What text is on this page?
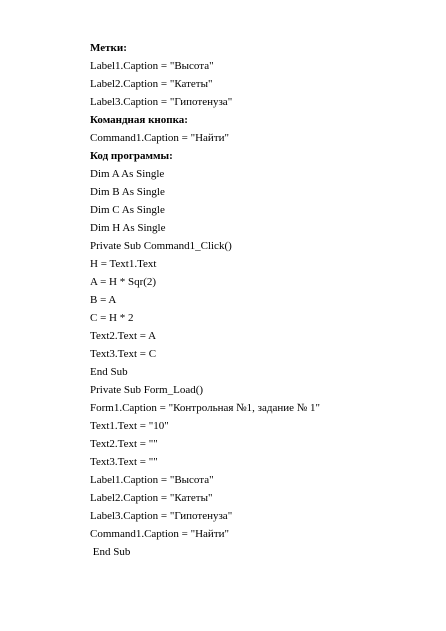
Метки:
Label1.Caption = "Высота"
Label2.Caption = "Катеты"
Label3.Caption = "Гипотенуза"
Командная кнопка:
Command1.Caption = "Найти"
Код программы:
Dim A As Single
Dim B As Single
Dim C As Single
Dim H As Single
Private Sub Command1_Click()
H = Text1.Text
A = H * Sqr(2)
B = A
C = H * 2
Text2.Text = A
Text3.Text = C
End Sub
Private Sub Form_Load()
Form1.Caption = "Контрольная №1, задание № 1"
Text1.Text = "10"
Text2.Text = ""
Text3.Text = ""
Label1.Caption = "Высота"
Label2.Caption = "Катеты"
Label3.Caption = "Гипотенуза"
Command1.Caption = "Найти"
End Sub
